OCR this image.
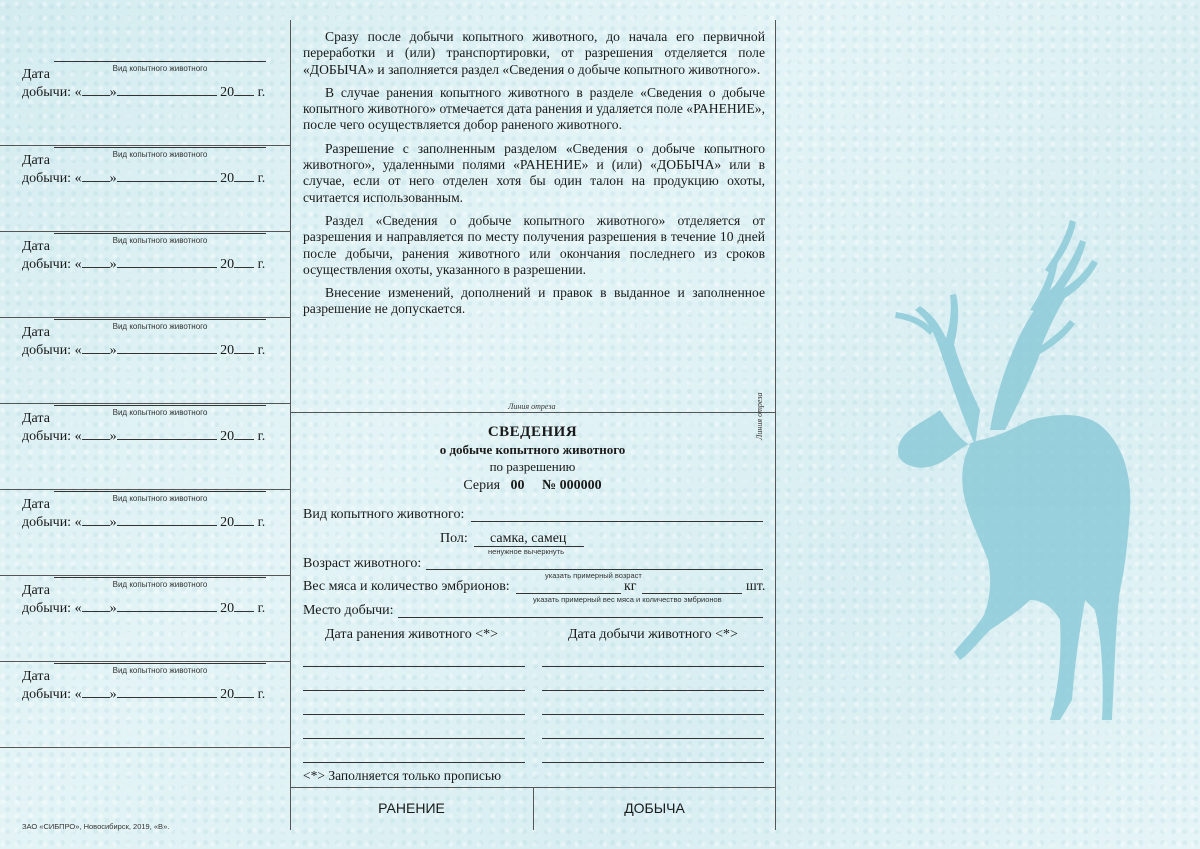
Вид копытного животного
Дата
добычи: « »	20 г.
Вид копытного животного
Дата
добычи: « »	20 г.
Вид копытного животного
Дата
добычи: « »	20 г.
Вид копытного животного
Дата
добычи: « »	20 г.
Вид копытного животного
Дата
добычи: « »	20 г.
Вид копытного животного
Дата
добычи: « »	20 г.
Вид копытного животного
Дата
добычи: « »	20 г.
Вид копытного животного
Дата
добычи: « »	20 г.

Сразу после добычи копытного животного, до начала его первичной переработки и (или) транспортировки, от разрешения отделяется поле «ДОБЫЧА» и заполняется раздел «Сведения о добыче копытного животного».

В случае ранения копытного животного в разделе «Сведения о добыче копытного животного» отмечается дата ранения и удаляется поле «РАНЕНИЕ», после чего осуществляется добор раненого животного.

Разрешение с заполненным разделом «Сведения о добыче копытного животного», удаленными полями «РАНЕНИЕ» и (или) «ДОБЫЧА» или в случае, если от него отделен хотя бы один талон на продукцию охоты, считается использованным.

Раздел «Сведения о добыче копытного животного» отделяется от разрешения и направляется по месту получения разрешения в течение 10 дней после добычи, ранения животного или окончания последнего из сроков осуществления охоты, указанного в разрешении.

Внесение изменений, дополнений и правок в выданное и заполненное разрешение не допускается.

Линия отреза	Линия отреза
СВЕДЕНИЯ
о добыче копытного животного
по разрешению
Серия 00 № 000000
Вид копытного животного:
Пол: самка, самец
ненужное вычеркнуть
Возраст животного:
указать примерный возраст
Вес мяса и количество эмбрионов:	кг	шт.
указать примерный вес мяса и количество эмбрионов
Место добычи:
Дата ранения животного <*>	Дата добычи животного <*>
<*> Заполняется только прописью
РАНЕНИЕ	ДОБЫЧА
ЗАО «СИБПРО», Новосибирск, 2019, «В».
